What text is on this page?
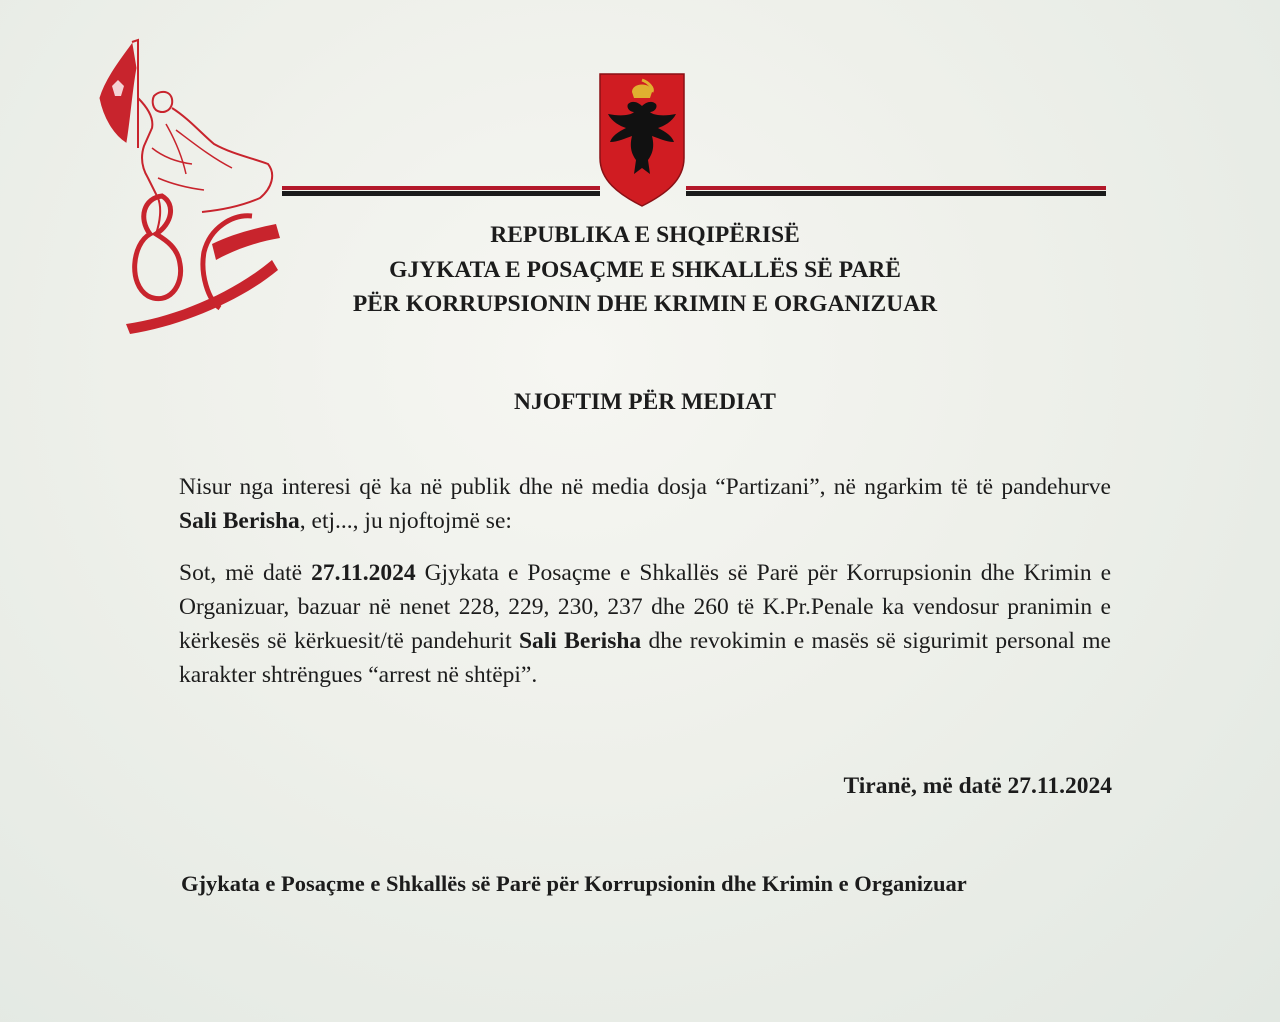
REPUBLIKA E SHQIPËRISË
GJYKATA E POSAÇME E SHKALLËS SË PARË
PËR KORRUPSIONIN DHE KRIMIN E ORGANIZUAR
NJOFTIM PËR MEDIAT
Nisur nga interesi që ka në publik dhe në media dosja “Partizani”, në ngarkim të të pandehurve Sali Berisha, etj..., ju njoftojmë se:
Sot, më datë 27.11.2024 Gjykata e Posaçme e Shkallës së Parë për Korrupsionin dhe Krimin e Organizuar, bazuar në nenet 228, 229, 230, 237 dhe 260 të K.Pr.Penale ka vendosur pranimin e kërkesës së kërkuesit/të pandehurit Sali Berisha dhe revokimin e masës së sigurimit personal me karakter shtrëngues “arrest në shtëpi”.
Tiranë, më datë 27.11.2024
Gjykata e Posaçme e Shkallës së Parë për Korrupsionin dhe Krimin e Organizuar
